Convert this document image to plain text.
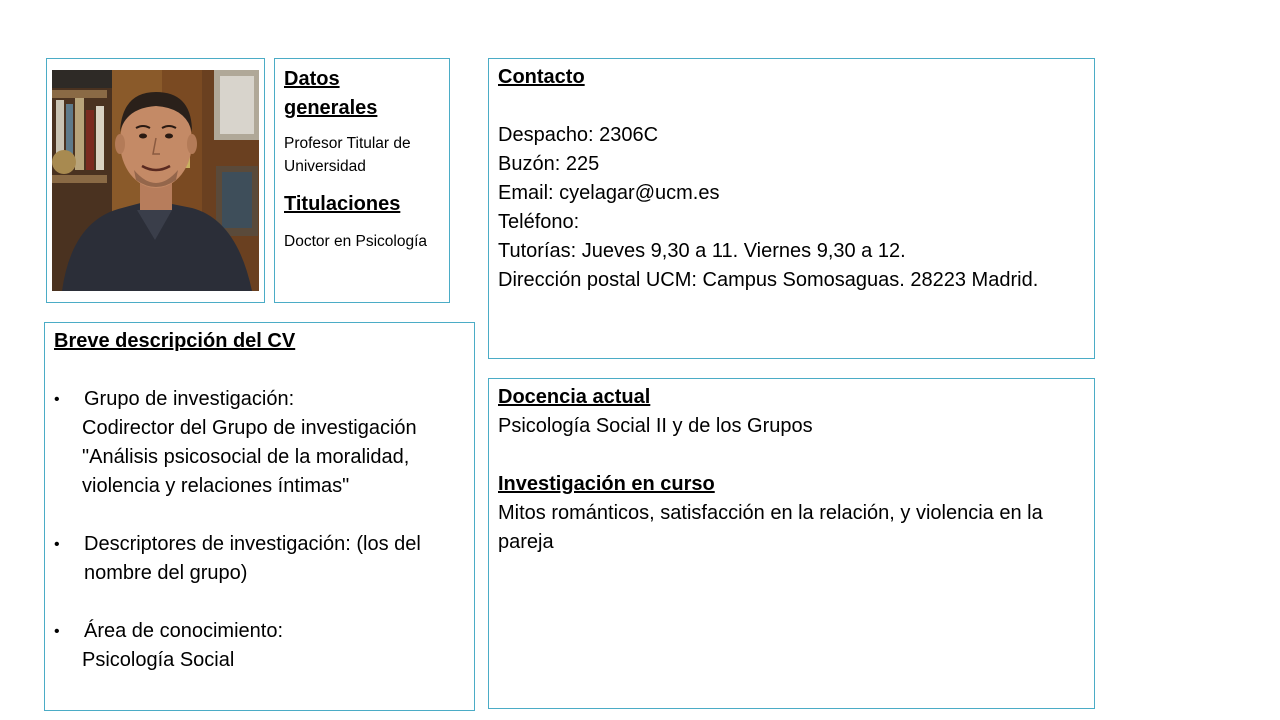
Datos generales

Profesor Titular de Universidad

Titulaciones

Doctor en Psicología

Contacto

Despacho: 2306C

Buzón: 225

Email: cyelagar@ucm.es

Teléfono:

Tutorías: Jueves 9,30 a 11. Viernes 9,30 a 12.

Dirección postal UCM: Campus Somosaguas. 28223 Madrid.

Breve descripción del CV

• Grupo de investigación:

Codirector del Grupo de investigación

"Análisis psicosocial de la moralidad,

violencia y relaciones íntimas"

• Descriptores de investigación: (los del

nombre del grupo)

• Área de conocimiento:

Psicología Social

Docencia actual

Psicología Social II y de los Grupos

Investigación en curso

Mitos románticos, satisfacción en la relación, y violencia en la pareja
